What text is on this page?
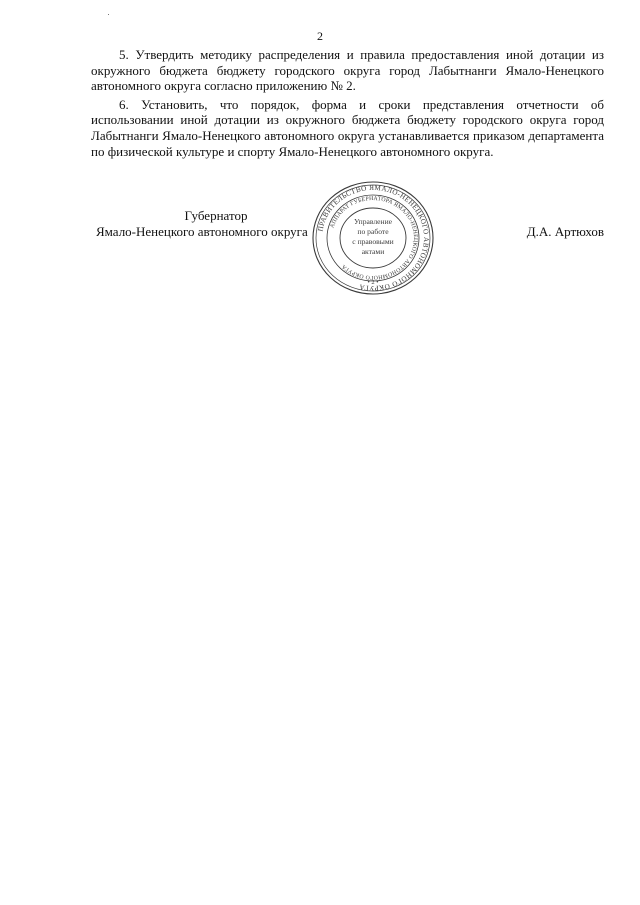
2

5. Утвердить методику распределения и правила предоставления иной дотации из окружного бюджета бюджету городского округа город Лабытнанги Ямало-Ненецкого автономного округа согласно приложению № 2.

6. Установить, что порядок, форма и сроки представления отчетности об использовании иной дотации из окружного бюджета бюджету городского округа город Лабытнанги Ямало-Ненецкого автономного округа устанавливается приказом департамента по физической культуре и спорту Ямало-Ненецкого автономного округа.

Губернатор
Ямало-Ненецкого автономного округа	Д.А. Артюхов
ПРАВИТЕЛЬСТВО ЯМАЛО-НЕНЕЦКОГО АВТОНОМНОГО ОКРУГА
АППАРАТ ГУБЕРНАТОРА ЯМАЛО-НЕНЕЦКОГО АВТОНОМНОГО ОКРУГА
Управление
по работе
с правовыми
актами
• 2 •
